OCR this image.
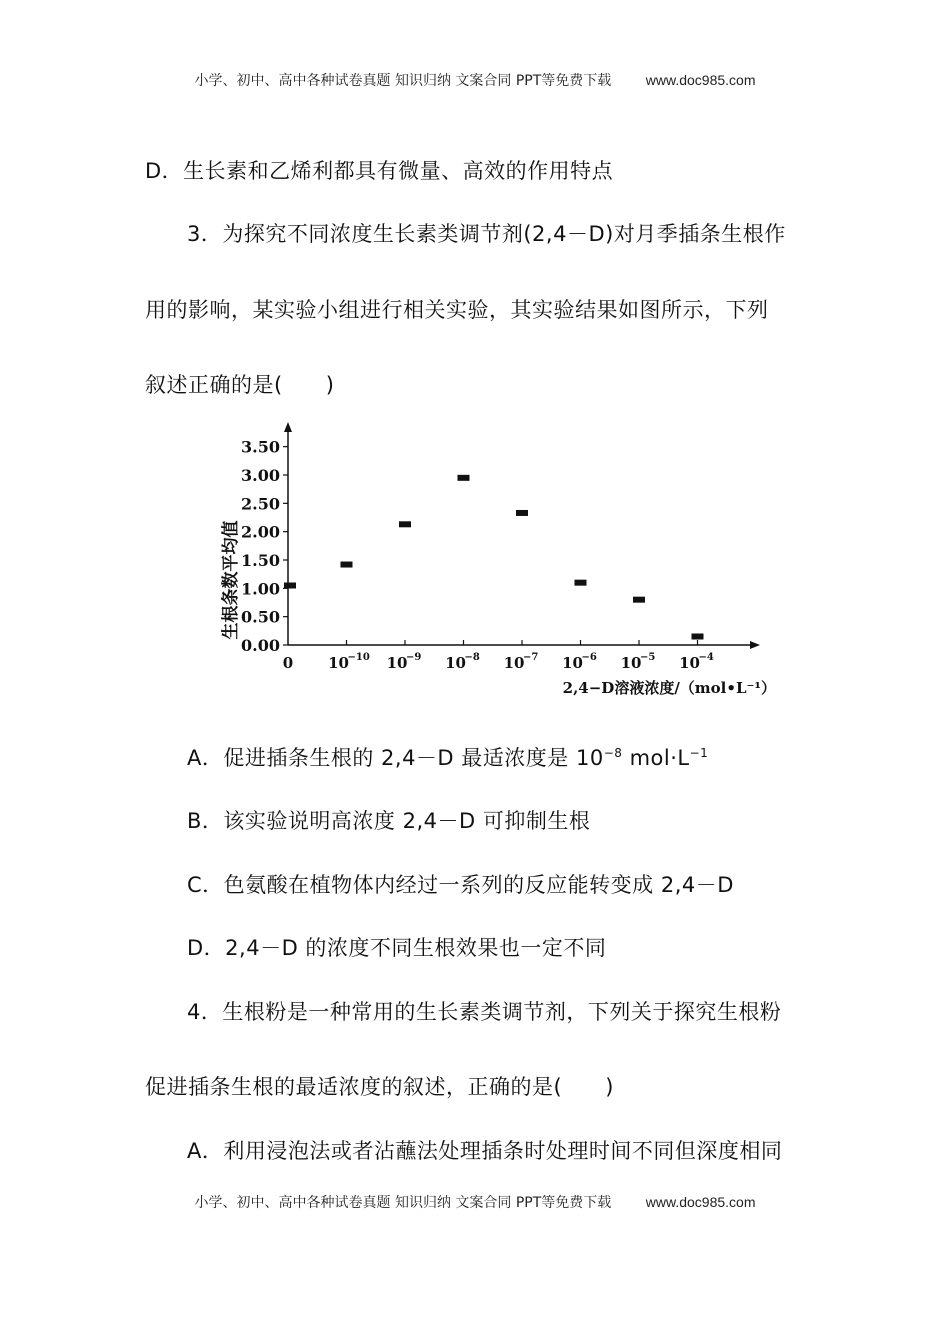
小学、初中、高中各种试卷真题 知识归纳 文案合同 PPT等免费下载 www.doc985.com
D．生长素和乙烯利都具有微量、高效的作用特点
3．为探究不同浓度生长素类调节剂(2,4－D)对月季插条生根作
用的影响，某实验小组进行相关实验，其实验结果如图所示，下列
叙述正确的是(　　)
0.00
0.50
1.00
1.50
2.00
2.50
3.00
3.50
0 10
−10 10
−9 10
−8 10
−7 10
−6 10
−5 10
−4
生根条数平均值
2,4−D溶液浓度/（mol•L⁻¹）
A．促进插条生根的 2,4－D 最适浓度是 $10^{-8}$ $mol\cdot L^{-1}$
B．该实验说明高浓度 2,4－D 可抑制生根
C．色氨酸在植物体内经过一系列的反应能转变成 2,4－D
D．2,4－D 的浓度不同生根效果也一定不同
4．生根粉是一种常用的生长素类调节剂，下列关于探究生根粉
促进插条生根的最适浓度的叙述，正确的是(　　)
A．利用浸泡法或者沾蘸法处理插条时处理时间不同但深度相同
小学、初中、高中各种试卷真题 知识归纳 文案合同 PPT等免费下载 www.doc985.com
